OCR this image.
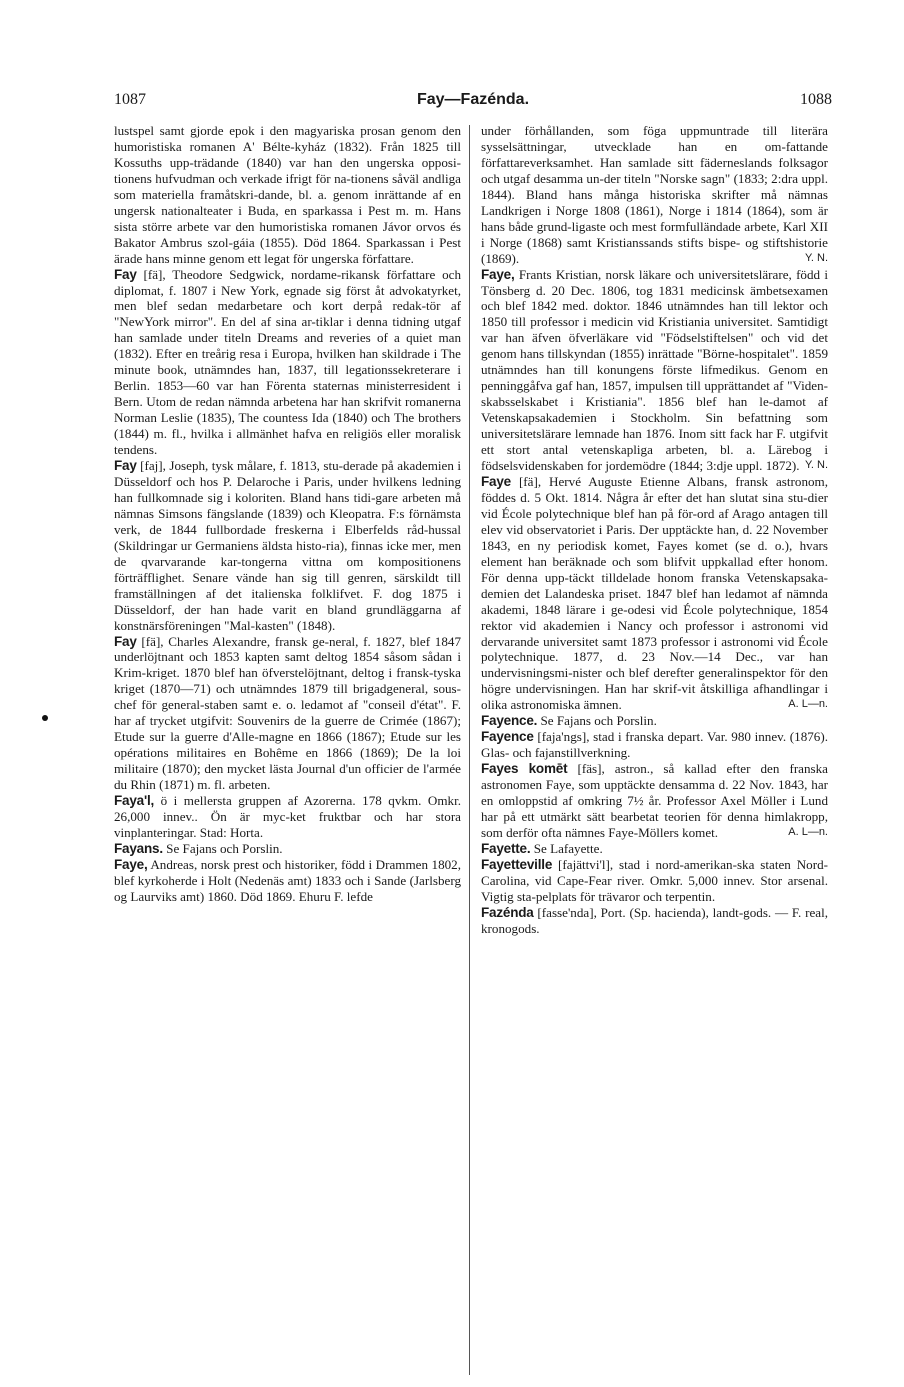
1087	Fay—Fazénda.	1088

lustspel samt gjorde epok i den magyariska prosan genom den humoristiska romanen A' Bélte-kyház (1832). Från 1825 till Kossuths upp-trädande (1840) var han den ungerska opposi-tionens hufvudman och verkade ifrigt för na-tionens såväl andliga som materiella framåtskri-dande, bl. a. genom inrättande af en ungersk nationalteater i Buda, en sparkassa i Pest m. m. Hans sista större arbete var den humoristiska romanen Jávor orvos és Bakator Ambrus szol-gáia (1855). Död 1864. Sparkassan i Pest ärade hans minne genom ett legat för ungerska författare.

Fay [fä], Theodore Sedgwick, nordame-rikansk författare och diplomat, f. 1807 i New York, egnade sig först åt advokatyrket, men blef sedan medarbetare och kort derpå redak-tör af "NewYork mirror". En del af sina ar-tiklar i denna tidning utgaf han samlade under titeln Dreams and reveries of a quiet man (1832). Efter en treårig resa i Europa, hvilken han skildrade i The minute book, utnämndes han, 1837, till legationssekreterare i Berlin. 1853—60 var han Förenta staternas ministerresident i Bern. Utom de redan nämnda arbetena har han skrifvit romanerna Norman Leslie (1835), The countess Ida (1840) och The brothers (1844) m. fl., hvilka i allmänhet hafva en religiös eller moralisk tendens.

Fay [faj], Joseph, tysk målare, f. 1813, stu-derade på akademien i Düsseldorf och hos P. Delaroche i Paris, under hvilkens ledning han fullkomnade sig i koloriten. Bland hans tidi-gare arbeten må nämnas Simsons fängslande (1839) och Kleopatra. F:s förnämsta verk, de 1844 fullbordade freskerna i Elberfelds råd-hussal (Skildringar ur Germaniens äldsta histo-ria), finnas icke mer, men de qvarvarande kar-tongerna vittna om kompositionens förträfflighet. Senare vände han sig till genren, särskildt till framställningen af det italienska folklifvet. F. dog 1875 i Düsseldorf, der han hade varit en bland grundläggarna af konstnärsföreningen "Mal-kasten" (1848).

Fay [fä], Charles Alexandre, fransk ge-neral, f. 1827, blef 1847 underlöjtnant och 1853 kapten samt deltog 1854 såsom sådan i Krim-kriget. 1870 blef han öfverstelöjtnant, deltog i fransk-tyska kriget (1870—71) och utnämndes 1879 till brigadgeneral, sous-chef för general-staben samt e. o. ledamot af "conseil d'état". F. har af trycket utgifvit: Souvenirs de la guerre de Crimée (1867); Etude sur la guerre d'Alle-magne en 1866 (1867); Etude sur les opérations militaires en Bohême en 1866 (1869); De la loi militaire (1870); den mycket lästa Journal d'un officier de l'armée du Rhin (1871) m. fl. arbeten.

Faya'l, ö i mellersta gruppen af Azorerna. 178 qvkm. Omkr. 26,000 innev.. Ön är myc-ket fruktbar och har stora vinplanteringar. Stad: Horta.

Fayans. Se Fajans och Porslin.

Faye, Andreas, norsk prest och historiker, född i Drammen 1802, blef kyrkoherde i Holt (Nedenäs amt) 1833 och i Sande (Jarlsberg og Laurviks amt) 1860. Död 1869. Ehuru F. lefde

under förhållanden, som föga uppmuntrade till literära sysselsättningar, utvecklade han en om-fattande författareverksamhet. Han samlade sitt fäderneslands folksagor och utgaf desamma un-der titeln "Norske sagn" (1833; 2:dra uppl. 1844). Bland hans många historiska skrifter må nämnas Landkrigen i Norge 1808 (1861), Norge i 1814 (1864), som är hans både grund-ligaste och mest formfulländade arbete, Karl XII i Norge (1868) samt Kristianssands stifts bispe- og stiftshistorie (1869).	Y. N.

Faye, Frants Kristian, norsk läkare och universitetslärare, född i Tönsberg d. 20 Dec. 1806, tog 1831 medicinsk ämbetsexamen och blef 1842 med. doktor. 1846 utnämndes han till lektor och 1850 till professor i medicin vid Kristiania universitet. Samtidigt var han äfven öfverläkare vid "Födselstiftelsen" och vid det genom hans tillskyndan (1855) inrättade "Börne-hospitalet". 1859 utnämndes han till konungens förste lifmedikus. Genom en penninggåfva gaf han, 1857, impulsen till upprättandet af "Viden-skabsselskabet i Kristiania". 1856 blef han le-damot af Vetenskapsakademien i Stockholm. Sin befattning som universitetslärare lemnade han 1876. Inom sitt fack har F. utgifvit ett stort antal vetenskapliga arbeten, bl. a. Lärebog i födselsvidenskaben for jordemödre (1844; 3:dje uppl. 1872). Y. N.

Faye [fä], Hervé Auguste Etienne Albans, fransk astronom, föddes d. 5 Okt. 1814. Några år efter det han slutat sina stu-dier vid École polytechnique blef han på för-ord af Arago antagen till elev vid observatoriet i Paris. Der upptäckte han, d. 22 November 1843, en ny periodisk komet, Fayes komet (se d. o.), hvars element han beräknade och som blifvit uppkallad efter honom. För denna upp-täckt tilldelade honom franska Vetenskapsaka-demien det Lalandeska priset. 1847 blef han ledamot af nämnda akademi, 1848 lärare i ge-odesi vid École polytechnique, 1854 rektor vid akademien i Nancy och professor i astronomi vid dervarande universitet samt 1873 professor i astronomi vid École polytechnique. 1877, d. 23 Nov.—14 Dec., var han undervisningsmi-nister och blef derefter generalinspektor för den högre undervisningen. Han har skrif-vit åtskilliga afhandlingar i olika astronomiska ämnen.	A. L—n.

Fayence. Se Fajans och Porslin.

Fayence [faja'ngs], stad i franska depart. Var. 980 innev. (1876). Glas- och fajanstillverkning.

Fayes komēt [fäs], astron., så kallad efter den franska astronomen Faye, som upptäckte densamma d. 22 Nov. 1843, har en omloppstid af omkring 7½ år. Professor Axel Möller i Lund har på ett utmärkt sätt bearbetat teorien för denna himlakropp, som derför ofta nämnes Faye-Möllers komet.	A. L—n.

Fayette. Se Lafayette.

Fayetteville [fajättvi'l], stad i nord-amerikan-ska staten Nord-Carolina, vid Cape-Fear river. Omkr. 5,000 innev. Stor arsenal. Vigtig sta-pelplats för trävaror och terpentin.

Fazénda [fasse'nda], Port. (Sp. hacienda), landt-gods. — F. real, kronogods.
